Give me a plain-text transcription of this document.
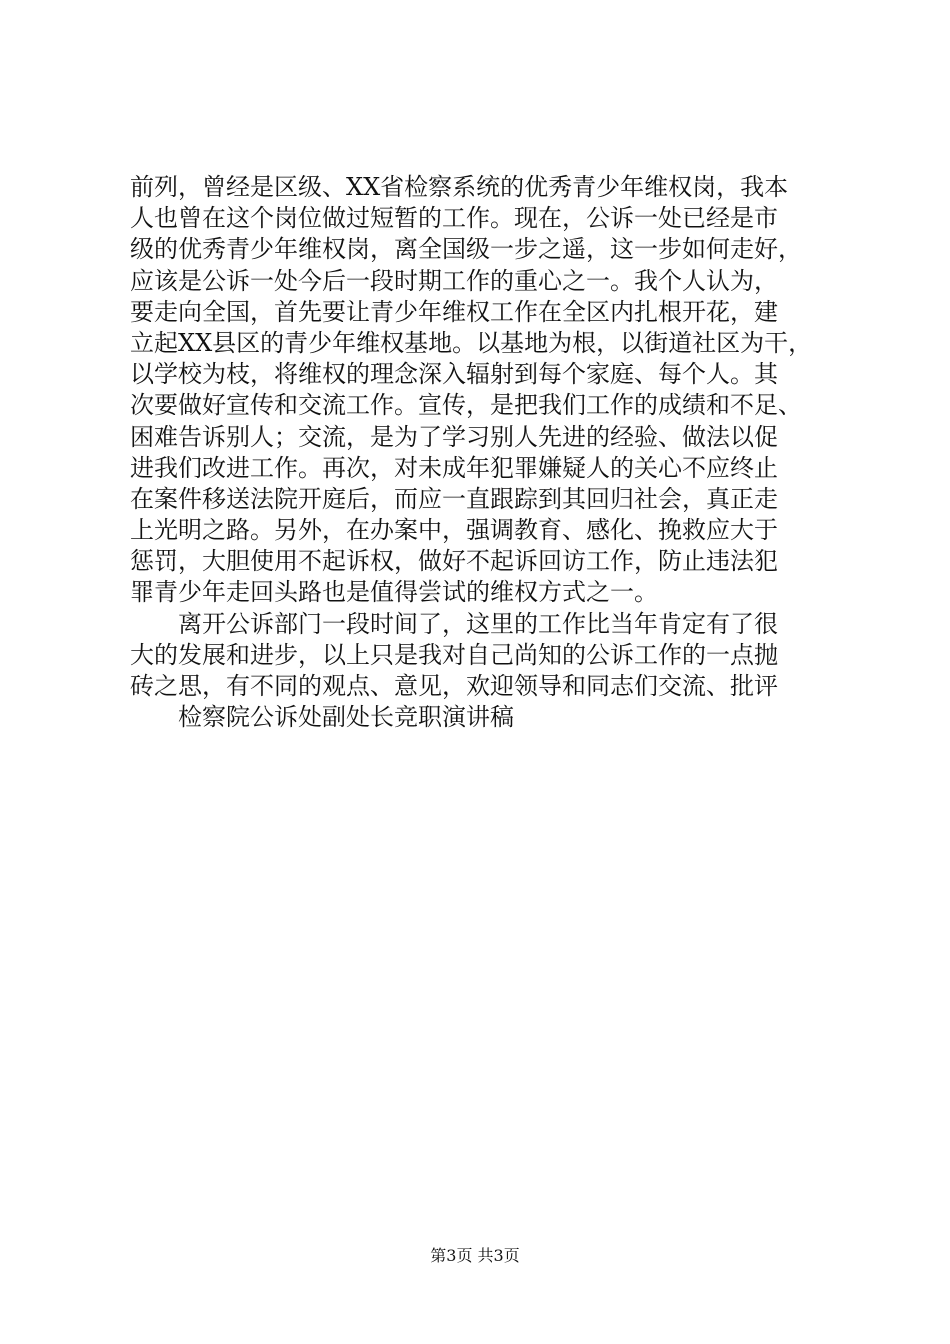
前列，曾经是区级、XX省检察系统的优秀青少年维权岗，我本
人也曾在这个岗位做过短暂的工作。现在，公诉一处已经是市
级的优秀青少年维权岗，离全国级一步之遥，这一步如何走好，
应该是公诉一处今后一段时期工作的重心之一。我个人认为，
要走向全国，首先要让青少年维权工作在全区内扎根开花，建
立起XX县区的青少年维权基地。以基地为根，以街道社区为干，
以学校为枝，将维权的理念深入辐射到每个家庭、每个人。其
次要做好宣传和交流工作。宣传，是把我们工作的成绩和不足、
困难告诉别人；交流，是为了学习别人先进的经验、做法以促
进我们改进工作。再次，对未成年犯罪嫌疑人的关心不应终止
在案件移送法院开庭后，而应一直跟踪到其回归社会，真正走
上光明之路。另外，在办案中，强调教育、感化、挽救应大于
惩罚，大胆使用不起诉权，做好不起诉回访工作，防止违法犯
罪青少年走回头路也是值得尝试的维权方式之一。
　　离开公诉部门一段时间了，这里的工作比当年肯定有了很
大的发展和进步，以上只是我对自己尚知的公诉工作的一点抛
砖之思，有不同的观点、意见，欢迎领导和同志们交流、批评
　　检察院公诉处副处长竞职演讲稿
第3页 共3页
